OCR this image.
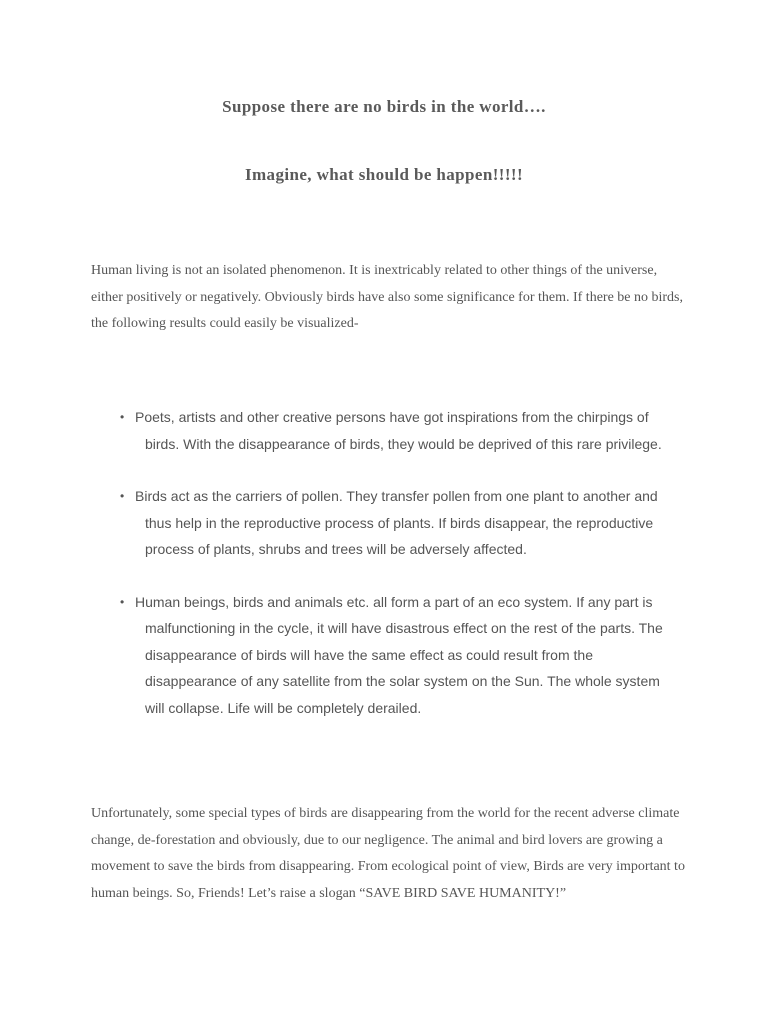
Suppose there are no birds in the world….
Imagine, what should be happen!!!!!

Human living is not an isolated phenomenon. It is inextricably related to other things of the universe, either positively or negatively. Obviously birds have also some significance for them. If there be no birds, the following results could easily be visualized-

• Poets, artists and other creative persons have got inspirations from the chirpings of birds. With the disappearance of birds, they would be deprived of this rare privilege.
• Birds act as the carriers of pollen. They transfer pollen from one plant to another and thus help in the reproductive process of plants. If birds disappear, the reproductive process of plants, shrubs and trees will be adversely affected.
• Human beings, birds and animals etc. all form a part of an eco system. If any part is malfunctioning in the cycle, it will have disastrous effect on the rest of the parts. The disappearance of birds will have the same effect as could result from the disappearance of any satellite from the solar system on the Sun. The whole system will collapse. Life will be completely derailed.

Unfortunately, some special types of birds are disappearing from the world for the recent adverse climate change, de-forestation and obviously, due to our negligence. The animal and bird lovers are growing a movement to save the birds from disappearing. From ecological point of view, Birds are very important to human beings. So, Friends! Let’s raise a slogan “SAVE BIRD SAVE HUMANITY!”
